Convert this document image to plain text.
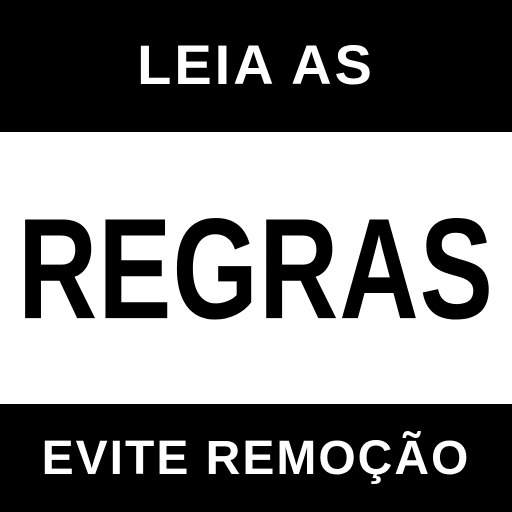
LEIA AS
REGRAS
EVITE REMOÇÃO
